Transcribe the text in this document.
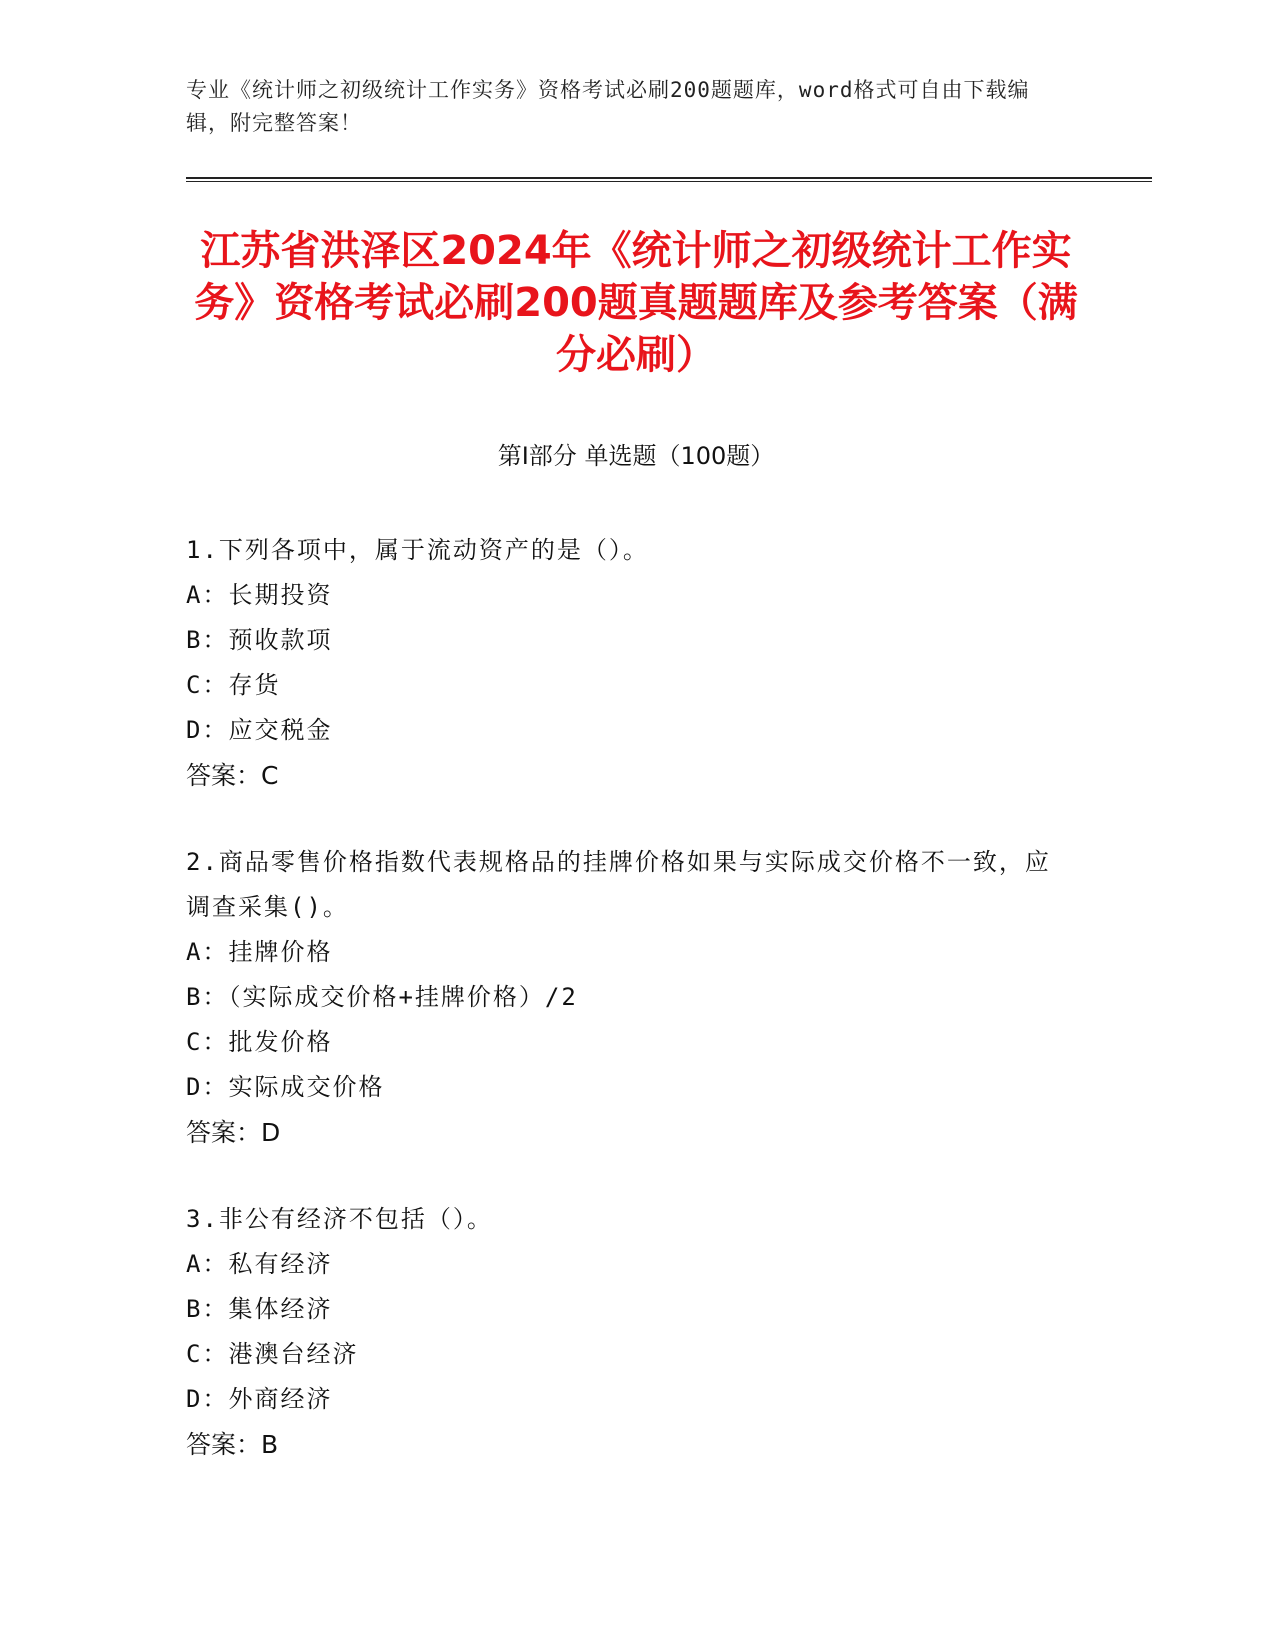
专业《统计师之初级统计工作实务》资格考试必刷200题题库，word格式可自由下载编辑，附完整答案！
江苏省洪泽区2024年《统计师之初级统计工作实务》资格考试必刷200题真题题库及参考答案（满分必刷）
第I部分 单选题（100题）
1.下列各项中，属于流动资产的是（）。
A：长期投资
B：预收款项
C：存货
D：应交税金
答案：C
2.商品零售价格指数代表规格品的挂牌价格如果与实际成交价格不一致，应调查采集()。
A：挂牌价格
B：（实际成交价格+挂牌价格）/2
C：批发价格
D：实际成交价格
答案：D
3.非公有经济不包括（）。
A：私有经济
B：集体经济
C：港澳台经济
D：外商经济
答案：B
